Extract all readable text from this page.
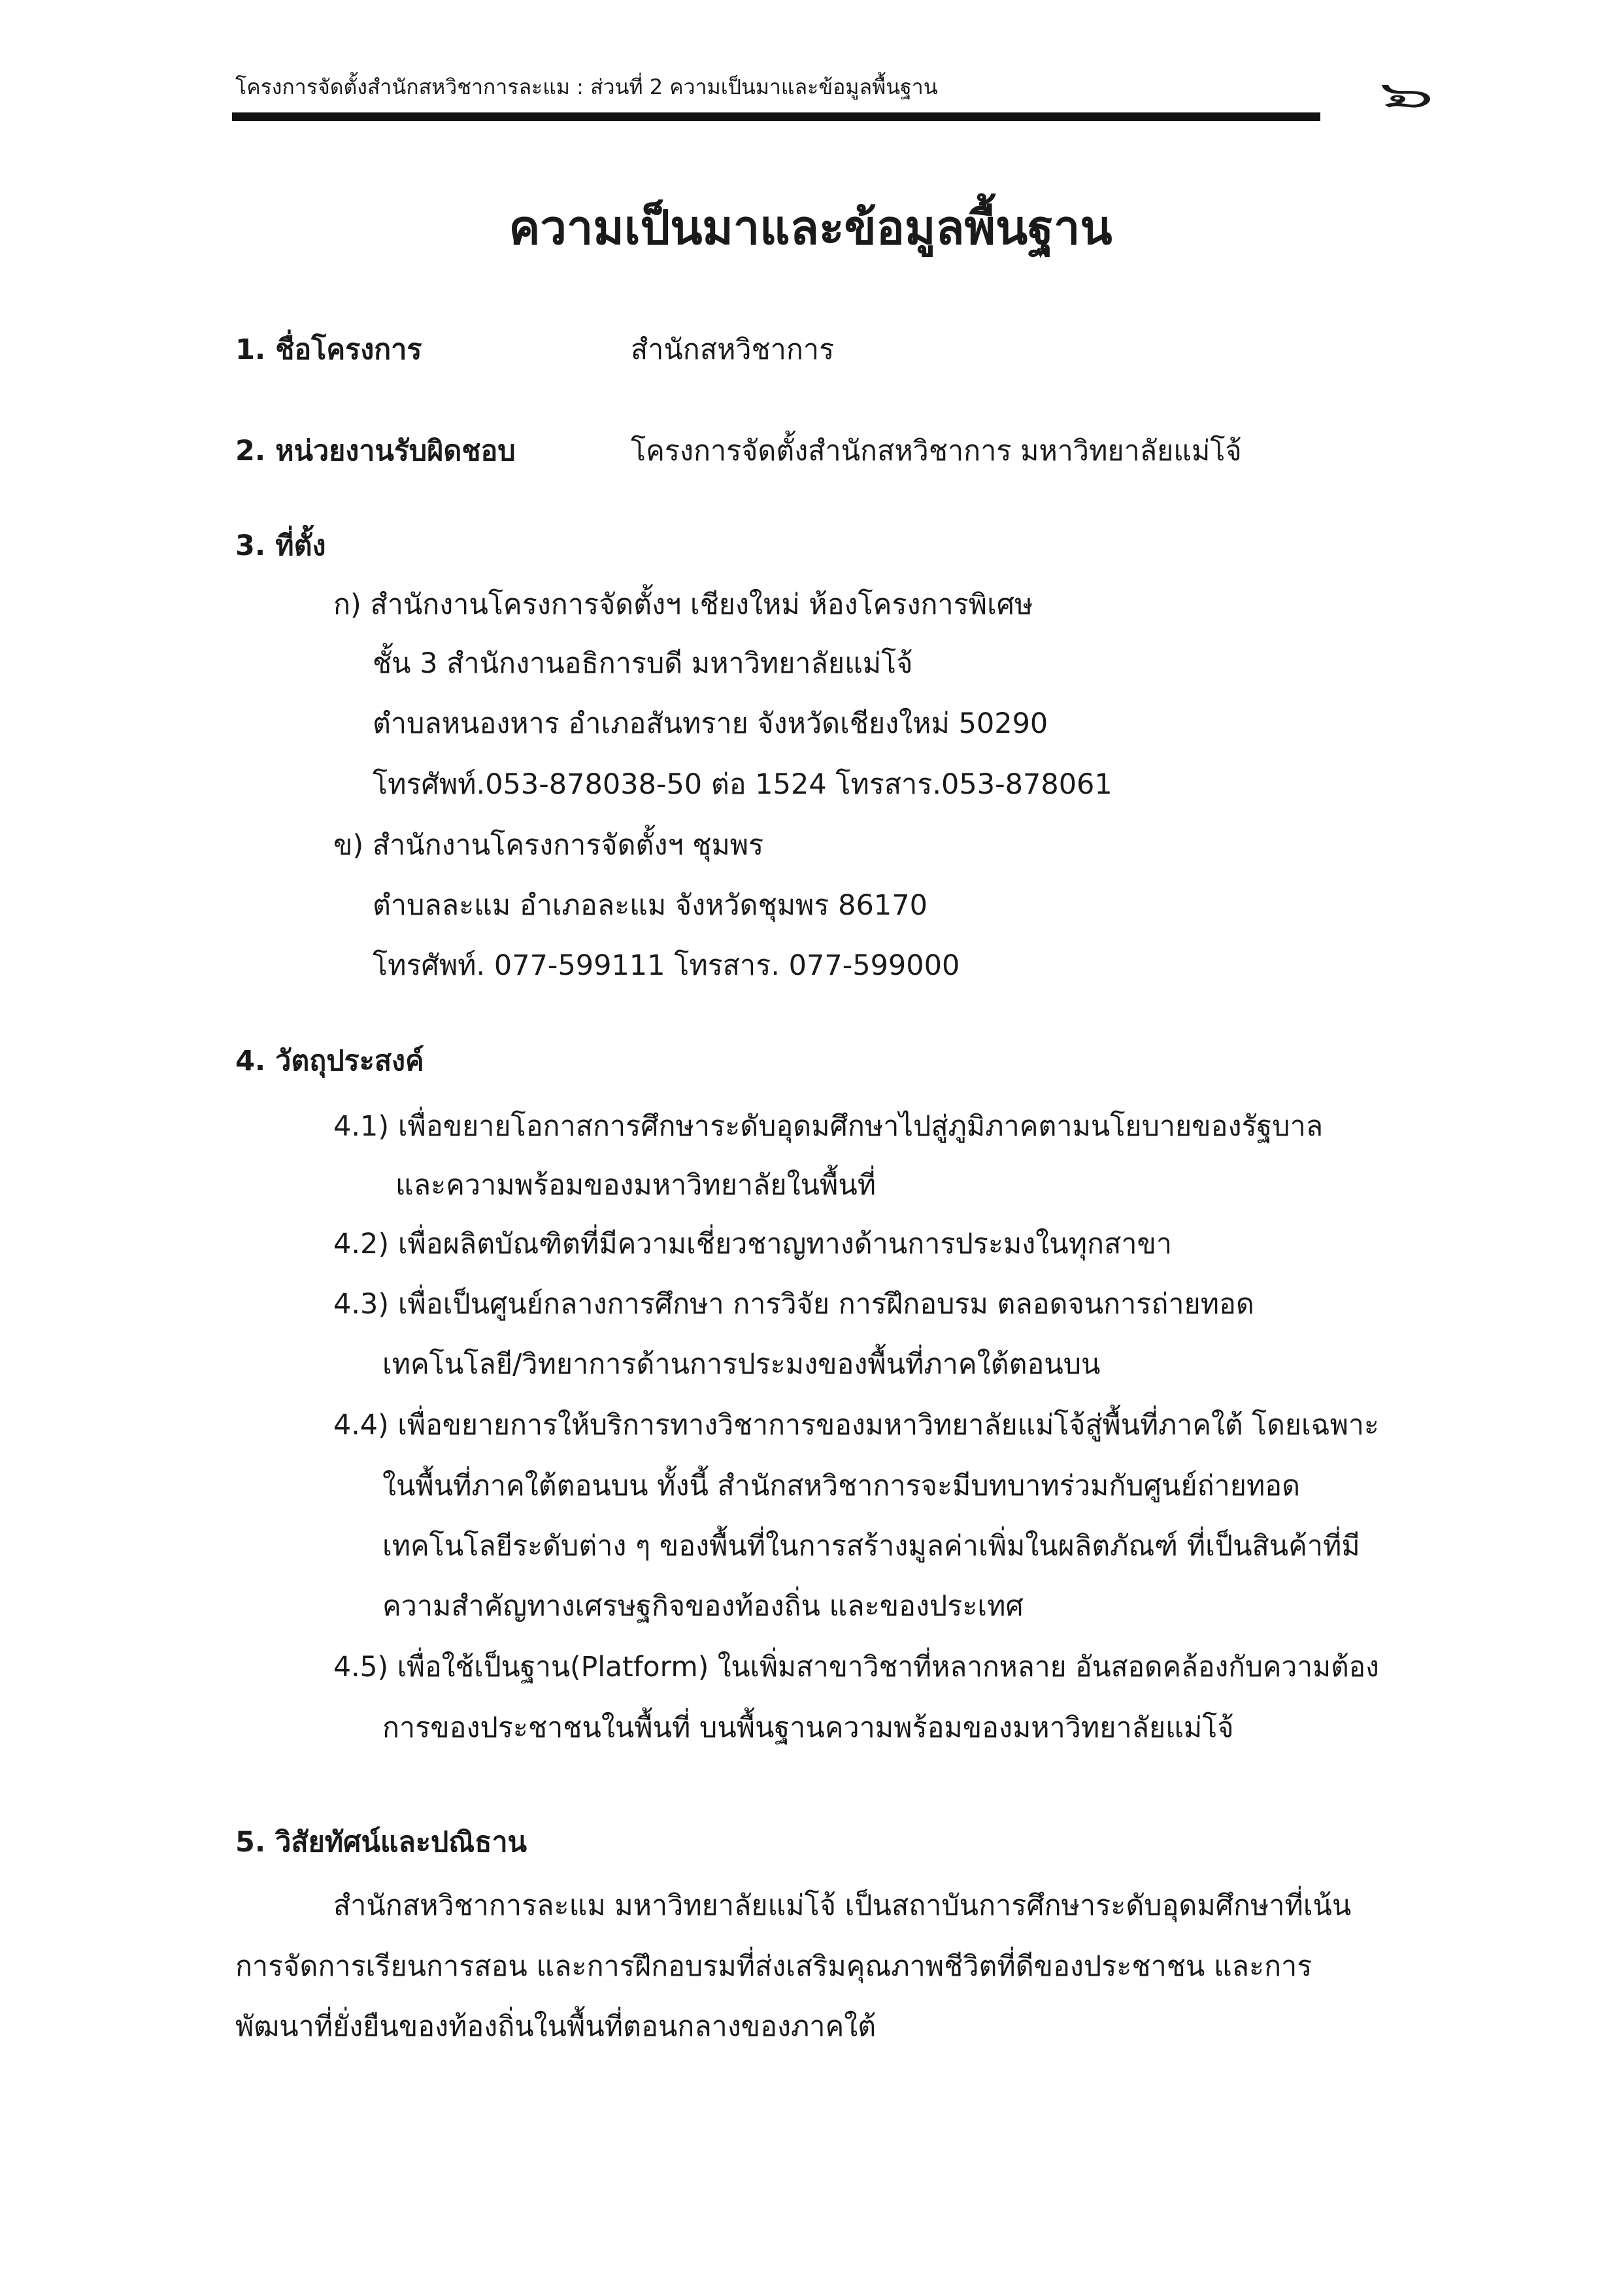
โครงการจัดตั้งสำนักสหวิชาการละแม : ส่วนที่ 2 ความเป็นมาและข้อมูลพื้นฐาน	๔
ความเป็นมาและข้อมูลพื้นฐาน
1. ชื่อโครงการ	สำนักสหวิชาการ
2. หน่วยงานรับผิดชอบ	โครงการจัดตั้งสำนักสหวิชาการ มหาวิทยาลัยแม่โจ้
3. ที่ตั้ง
ก) สำนักงานโครงการจัดตั้งฯ เชียงใหม่ ห้องโครงการพิเศษ
ชั้น 3 สำนักงานอธิการบดี มหาวิทยาลัยแม่โจ้
ตำบลหนองหาร อำเภอสันทราย จังหวัดเชียงใหม่ 50290
โทรศัพท์.053-878038-50 ต่อ 1524 โทรสาร.053-878061
ข) สำนักงานโครงการจัดตั้งฯ ชุมพร
ตำบลละแม อำเภอละแม จังหวัดชุมพร 86170
โทรศัพท์. 077-599111 โทรสาร. 077-599000
4. วัตถุประสงค์
4.1) เพื่อขยายโอกาสการศึกษาระดับอุดมศึกษาไปสู่ภูมิภาคตามนโยบายของรัฐบาล
และความพร้อมของมหาวิทยาลัยในพื้นที่
4.2) เพื่อผลิตบัณฑิตที่มีความเชี่ยวชาญทางด้านการประมงในทุกสาขา
4.3) เพื่อเป็นศูนย์กลางการศึกษา การวิจัย การฝึกอบรม ตลอดจนการถ่ายทอด
เทคโนโลยี/วิทยาการด้านการประมงของพื้นที่ภาคใต้ตอนบน
4.4) เพื่อขยายการให้บริการทางวิชาการของมหาวิทยาลัยแม่โจ้สู่พื้นที่ภาคใต้ โดยเฉพาะ
ในพื้นที่ภาคใต้ตอนบน ทั้งนี้ สำนักสหวิชาการจะมีบทบาทร่วมกับศูนย์ถ่ายทอด
เทคโนโลยีระดับต่าง ๆ ของพื้นที่ในการสร้างมูลค่าเพิ่มในผลิตภัณฑ์ ที่เป็นสินค้าที่มี
ความสำคัญทางเศรษฐกิจของท้องถิ่น และของประเทศ
4.5) เพื่อใช้เป็นฐาน(Platform) ในเพิ่มสาขาวิชาที่หลากหลาย อันสอดคล้องกับความต้อง
การของประชาชนในพื้นที่ บนพื้นฐานความพร้อมของมหาวิทยาลัยแม่โจ้
5. วิสัยทัศน์และปณิธาน
สำนักสหวิชาการละแม มหาวิทยาลัยแม่โจ้ เป็นสถาบันการศึกษาระดับอุดมศึกษาที่เน้น
การจัดการเรียนการสอน และการฝึกอบรมที่ส่งเสริมคุณภาพชีวิตที่ดีของประชาชน และการ
พัฒนาที่ยั่งยืนของท้องถิ่นในพื้นที่ตอนกลางของภาคใต้
